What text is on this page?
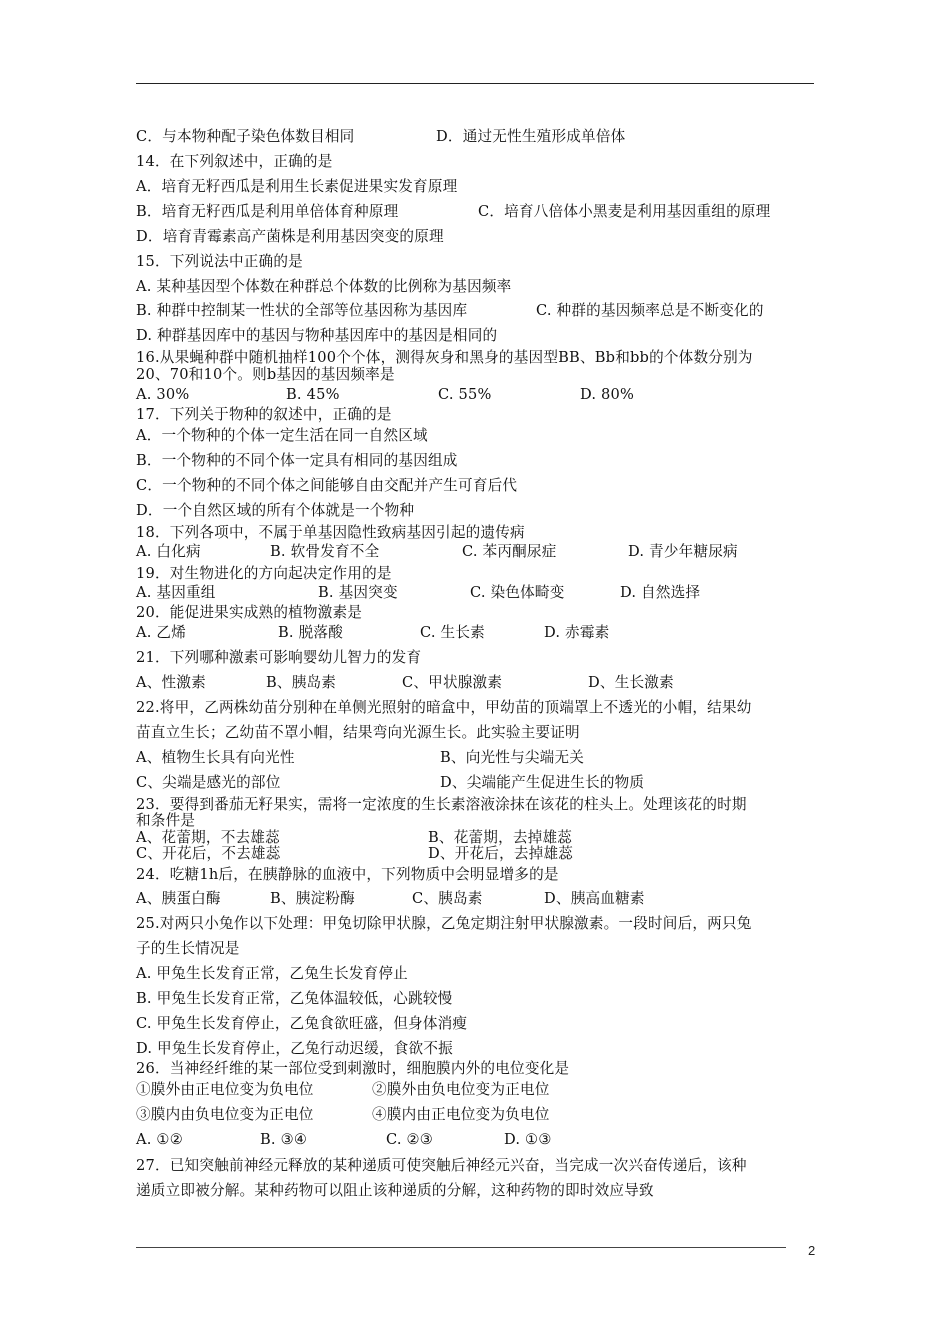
C．与本物种配子染色体数目相同

	D．通过无性生殖形成单倍体

14．在下列叙述中，正确的是
A．培育无籽西瓜是利用生长素促进果实发育原理

B．培育无籽西瓜是利用单倍体育种原理

	C．培育八倍体小黑麦是利用基因重组的原理

D．培育青霉素高产菌株是利用基因突变的原理
15．下列说法中正确的是
A. 某种基因型个体数在种群总个体数的比例称为基因频率

B. 种群中控制某一性状的全部等位基因称为基因库

	C. 种群的基因频率总是不断变化的

D. 种群基因库中的基因与物种基因库中的基因是相同的
16.从果蝇种群中随机抽样100个个体，测得灰身和黑身的基因型BB、Bb和bb的个体数分别为
20、70和10个。则b基因的基因频率是

A. 30%

	B. 45%

	C. 55%

	D. 80%

17．下列关于物种的叙述中，正确的是
A．一个物种的个体一定生活在同一自然区域
B．一个物种的不同个体一定具有相同的基因组成
C．一个物种的不同个体之间能够自由交配并产生可育后代
D．一个自然区域的所有个体就是一个物种
18．下列各项中，不属于单基因隐性致病基因引起的遗传病

A. 白化病

	B. 软骨发育不全

	C. 苯丙酮尿症

	D. 青少年糖尿病

19．对生物进化的方向起决定作用的是

A. 基因重组

	B. 基因突变

	C. 染色体畸变

	D. 自然选择

20．能促进果实成熟的植物激素是

A. 乙烯

	B. 脱落酸

	C. 生长素

	D. 赤霉素

21．下列哪种激素可影响婴幼儿智力的发育

A、性激素

	B、胰岛素

	C、甲状腺激素

	D、生长激素

22.将甲，乙两株幼苗分别种在单侧光照射的暗盒中，甲幼苗的顶端罩上不透光的小帽，结果幼
苗直立生长；乙幼苗不罩小帽，结果弯向光源生长。此实验主要证明

A、植物生长具有向光性

	B、向光性与尖端无关

C、尖端是感光的部位

	D、尖端能产生促进生长的物质

23．要得到番茄无籽果实，需将一定浓度的生长素溶液涂抹在该花的柱头上。处理该花的时期
和条件是

A、花蕾期，不去雄蕊

	B、花蕾期，去掉雄蕊

C、开花后，不去雄蕊

	D、开花后，去掉雄蕊

24．吃糖1h后，在胰静脉的血液中，下列物质中会明显增多的是

A、胰蛋白酶

	B、胰淀粉酶

	C、胰岛素

	D、胰高血糖素

25.对两只小兔作以下处理：甲兔切除甲状腺，乙兔定期注射甲状腺激素。一段时间后，两只兔
子的生长情况是
A. 甲兔生长发育正常，乙兔生长发育停止
B. 甲兔生长发育正常，乙兔体温较低，心跳较慢
C. 甲兔生长发育停止，乙兔食欲旺盛，但身体消瘦
D. 甲兔生长发育停止，乙兔行动迟缓，食欲不振
26．当神经纤维的某一部位受到刺激时，细胞膜内外的电位变化是

①膜外由正电位变为负电位

	②膜外由负电位变为正电位

③膜内由负电位变为正电位

	④膜内由正电位变为负电位

A. ①②

	B. ③④

	C. ②③

	D. ①③

27．已知突触前神经元释放的某种递质可使突触后神经元兴奋，当完成一次兴奋传递后，该种
递质立即被分解。某种药物可以阻止该种递质的分解，这种药物的即时效应导致
2
